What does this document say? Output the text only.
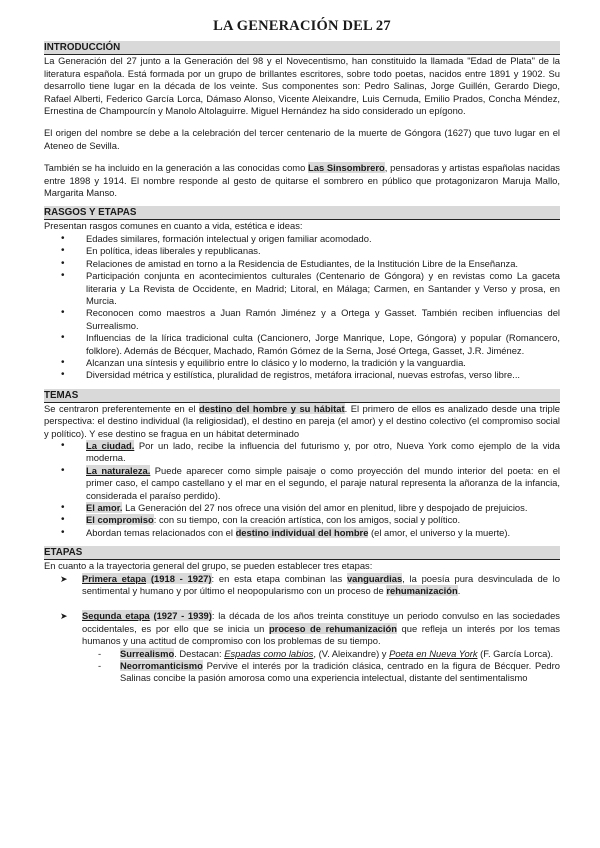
LA GENERACIÓN DEL 27
INTRODUCCIÓN

La Generación del 27 junto a la Generación del 98 y el Novecentismo, han constituido la llamada "Edad de Plata" de la literatura española. Está formada por un grupo de brillantes escritores, sobre todo poetas, nacidos entre 1891 y 1902. Su desarrollo tiene lugar en la década de los veinte. Sus componentes son: Pedro Salinas, Jorge Guillén, Gerardo Diego, Rafael Alberti, Federico García Lorca, Dámaso Alonso, Vicente Aleixandre, Luis Cernuda, Emilio Prados, Concha Méndez, Ernestina de Champourcín y Manolo Altolaguirre. Miguel Hernández ha sido considerado un epígono.

El origen del nombre se debe a la celebración del tercer centenario de la muerte de Góngora (1627) que tuvo lugar en el Ateneo de Sevilla.

También se ha incluido en la generación a las conocidas como Las Sinsombrero, pensadoras y artistas españolas nacidas entre 1898 y 1914. El nombre responde al gesto de quitarse el sombrero en público que protagonizaron Maruja Mallo, Margarita Manso.

RASGOS Y ETAPAS

Presentan rasgos comunes en cuanto a vida, estética e ideas:

• Edades similares, formación intelectual y origen familiar acomodado.
• En política, ideas liberales y republicanas.
• Relaciones de amistad en torno a la Residencia de Estudiantes, de la Institución Libre de la Enseñanza.
• Participación conjunta en acontecimientos culturales (Centenario de Góngora) y en revistas como La gaceta literaria y La Revista de Occidente, en Madrid; Litoral, en Málaga; Carmen, en Santander y Verso y prosa, en Murcia.
• Reconocen como maestros a Juan Ramón Jiménez y a Ortega y Gasset. También reciben influencias del Surrealismo.
• Influencias de la lírica tradicional culta (Cancionero, Jorge Manrique, Lope, Góngora) y popular (Romancero, folklore). Además de Bécquer, Machado, Ramón Gómez de la Serna, José Ortega, Gasset, J.R. Jiménez.
• Alcanzan una síntesis y equilibrio entre lo clásico y lo moderno, la tradición y la vanguardia.
• Diversidad métrica y estilística, pluralidad de registros, metáfora irracional, nuevas estrofas, verso libre...
TEMAS

Se centraron preferentemente en el destino del hombre y su hábitat. El primero de ellos es analizado desde una triple perspectiva: el destino individual (la religiosidad), el destino en pareja (el amor) y el destino colectivo (el compromiso social y político). Y ese destino se fragua en un hábitat determinado

• La ciudad. Por un lado, recibe la influencia del futurismo y, por otro, Nueva York como ejemplo de la vida moderna.
• La naturaleza. Puede aparecer como simple paisaje o como proyección del mundo interior del poeta: en el primer caso, el campo castellano y el mar en el segundo, el paraje natural representa la añoranza de la infancia, considerada el paraíso perdido).
• El amor. La Generación del 27 nos ofrece una visión del amor en plenitud, libre y despojado de prejuicios.
• El compromiso: con su tiempo, con la creación artística, con los amigos, social y político.
• Abordan temas relacionados con el destino individual del hombre (el amor, el universo y la muerte).
ETAPAS

En cuanto a la trayectoria general del grupo, se pueden establecer tres etapas:

➤ Primera etapa (1918 - 1927): en esta etapa combinan las vanguardias, la poesía pura desvinculada de lo sentimental y humano y por último el neopopularismo con un proceso de rehumanización.
➤ Segunda etapa (1927 - 1939): la década de los años treinta constituye un periodo convulso en las sociedades occidentales, es por ello que se inicia un proceso de rehumanización que refleja un interés por los temas humanos y una actitud de compromiso con los problemas de su tiempo.
- Surrealismo. Destacan: Espadas como labios, (V. Aleixandre) y Poeta en Nueva York (F. García Lorca).
- Neorromanticismo Pervive el interés por la tradición clásica, centrado en la figura de Bécquer. Pedro Salinas concibe la pasión amorosa como una experiencia intelectual, distante del sentimentalismo
